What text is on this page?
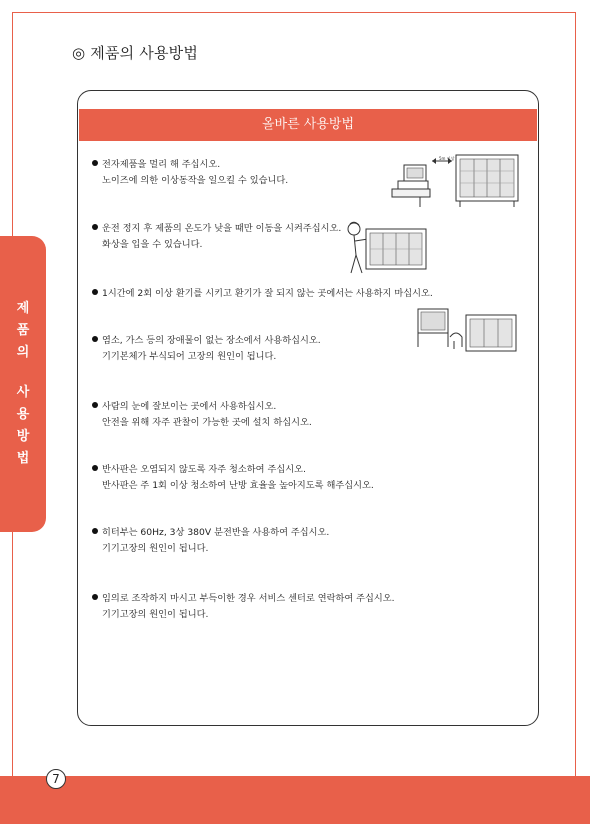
◎ 제품의 사용방법
제
품
의
사
용
방
법
올바른 사용방법
전자제품을 멀리 해 주십시오.
노이즈에 의한 이상동작을 일으킬 수 있습니다.
운전 정지 후 제품의 온도가 낮을 때만 이동을 시켜주십시오.
화상을 입을 수 있습니다.
1시간에 2회 이상 환기를 시키고 환기가 잘 되지 않는 곳에서는 사용하지 마십시오.
염소, 가스 등의 장애물이 없는 장소에서 사용하십시오.
기기본체가 부식되어 고장의 원인이 됩니다.
사람의 눈에 잘보이는 곳에서 사용하십시오.
안전을 위해 자주 관찰이 가능한 곳에 설치 하십시오.
반사판은 오염되지 않도록 자주 청소하여 주십시오.
반사판은 주 1회 이상 청소하여 난방 효율을 높아지도록 해주십시오.
히터부는 60Hz, 3상 380V 분전반을 사용하여 주십시오.
기기고장의 원인이 됩니다.
임의로 조작하지 마시고 부득이한 경우 서비스 센터로 연락하여 주십시오.
기기고장의 원인이 됩니다.
5m 이상
7
